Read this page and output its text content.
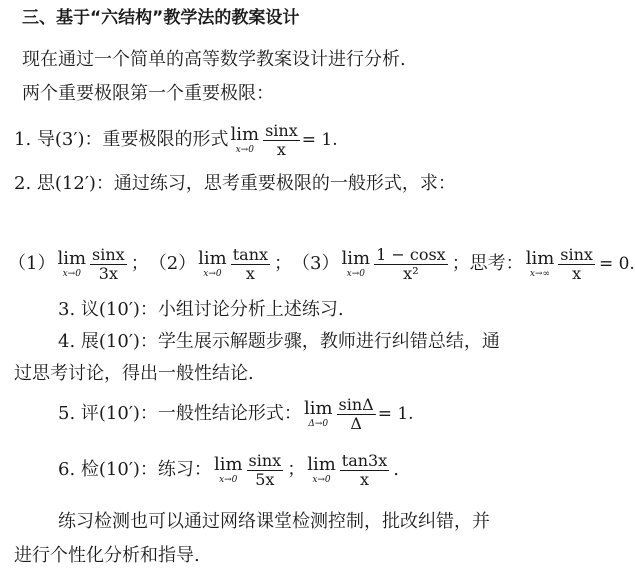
三、基于“六结构”教学法的教案设计
现在通过一个简单的高等数学教案设计进行分析.
两个重要极限第一个重要极限：
1. 导(3′)：重要极限的形式 lim
$x\to 0 \frac{\sin x}{x} = 1$.
2. 思(12′)：通过练习，思考重要极限的一般形式，求：
（1） lim
$x\to 0 \frac{\sin x}{3x}$ ； （2） lim
$x\to 0 \frac{\tan x}{x}$ ； （3） lim
$x\to 0 \frac{1 - \cos x}{\text{x²}}$ ；思考： lim
$x\to\infty \frac{\sin x}{x} = 0$.
3. 议(10′)：小组讨论分析上述练习.
4. 展(10′)：学生展示解题步骤，教师进行纠错总结，通
过思考讨论，得出一般性结论.
5. 评(10′)：一般性结论形式： lim
$\Delta\to 0 \frac{\sin\Delta}{\Delta} = 1$.
6. 检(10′)：练习： lim
$x\to 0 \frac{\sin x}{5x}$ ； lim
$x\to 0 \frac{\tan 3x}{x}$ .
练习检测也可以通过网络课堂检测控制，批改纠错，并
进行个性化分析和指导.
